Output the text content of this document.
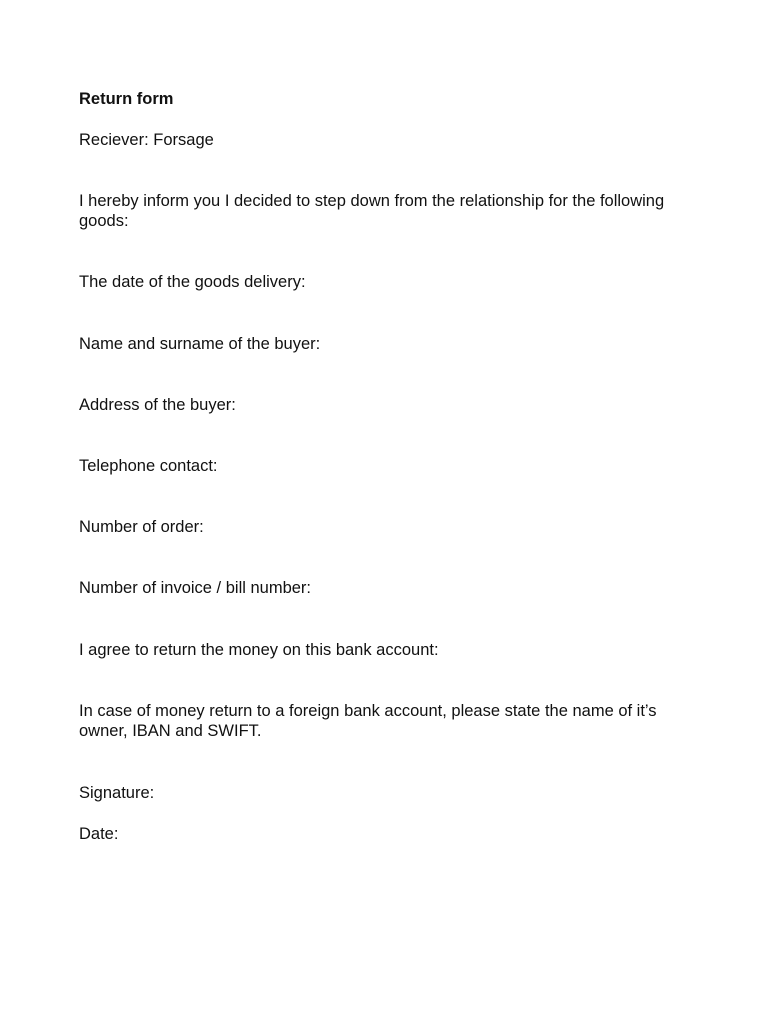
Return form

Reciever: Forsage

I hereby inform you I decided to step down from the relationship for the following goods:

The date of the goods delivery:

Name and surname of the buyer:

Address of the buyer:

Telephone contact:

Number of order:

Number of invoice / bill number:

I agree to return the money on this bank account:

In case of money return to a foreign bank account, please state the name of it’s owner, IBAN and SWIFT.

Signature:

Date:
